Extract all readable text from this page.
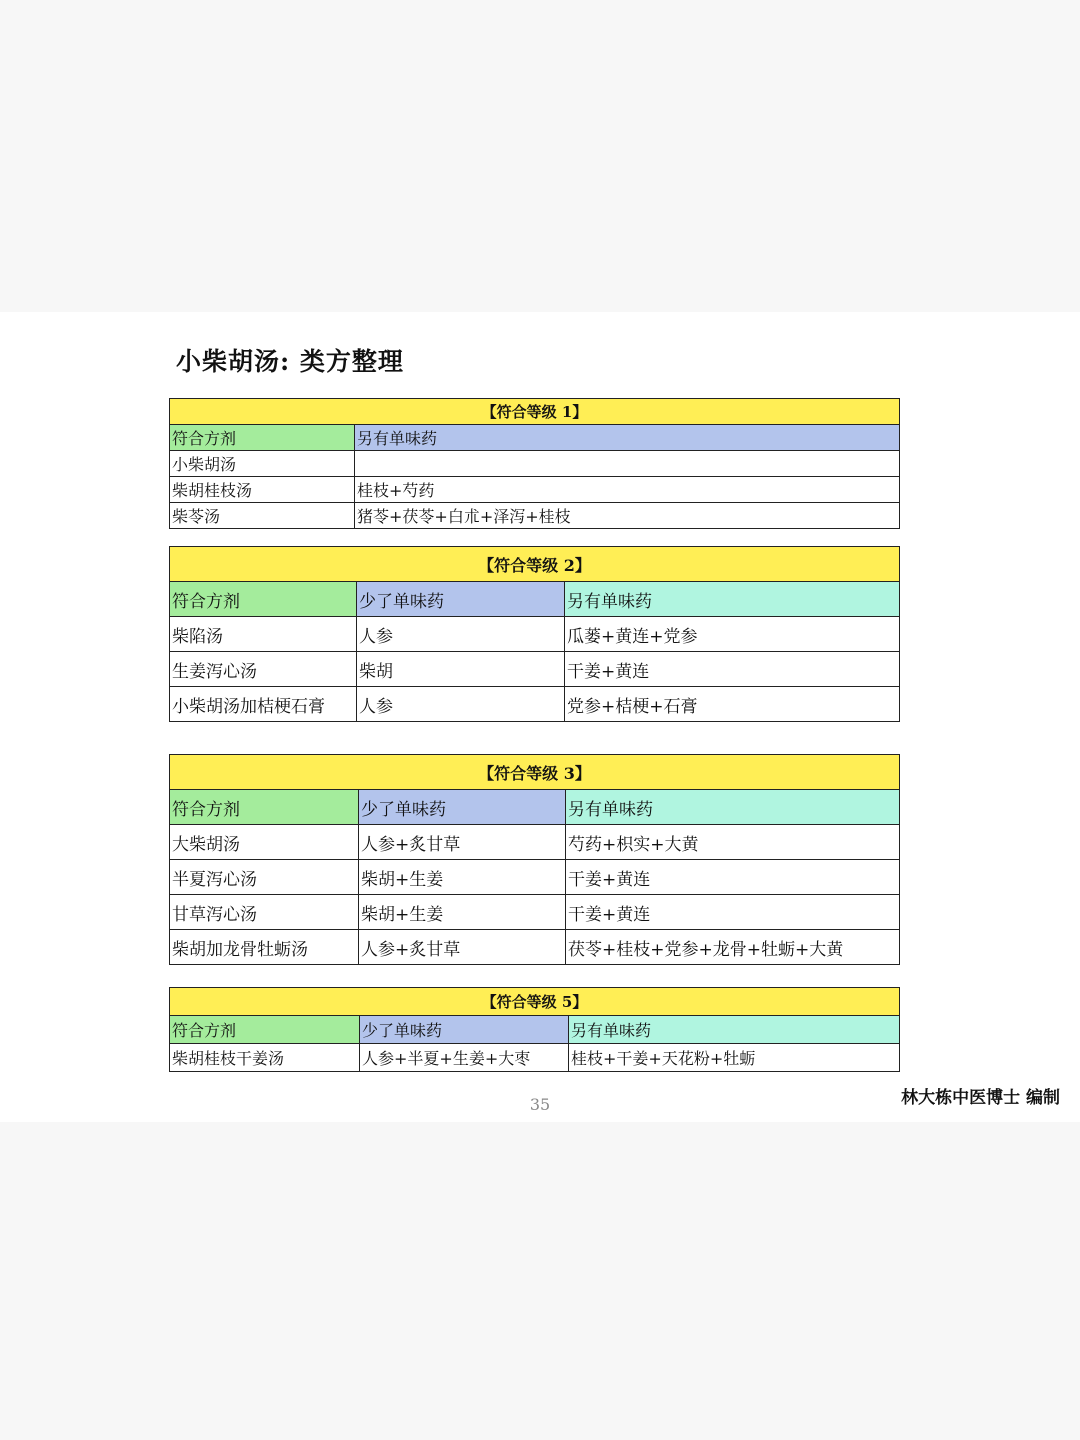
小柴胡汤: 类方整理
【符合等级 1】	
符合方剂	另有单味药
小柴胡汤	
柴胡桂枝汤	桂枝+芍药
柴苓汤	猪苓+茯苓+白朮+泽泻+桂枝
【符合等级 2】		
符合方剂	少了单味药	另有单味药
柴陷汤	人参	瓜蒌+黄连+党参
生姜泻心汤	柴胡	干姜+黄连
小柴胡汤加桔梗石膏	人参	党参+桔梗+石膏
【符合等级 3】		
符合方剂	少了单味药	另有单味药
大柴胡汤	人参+炙甘草	芍药+枳实+大黄
半夏泻心汤	柴胡+生姜	干姜+黄连
甘草泻心汤	柴胡+生姜	干姜+黄连
柴胡加龙骨牡蛎汤	人参+炙甘草	茯苓+桂枝+党参+龙骨+牡蛎+大黄
【符合等级 5】		
符合方剂	少了单味药	另有单味药
柴胡桂枝干姜汤	人参+半夏+生姜+大枣	桂枝+干姜+天花粉+牡蛎
35	林大栋中医博士 编制
